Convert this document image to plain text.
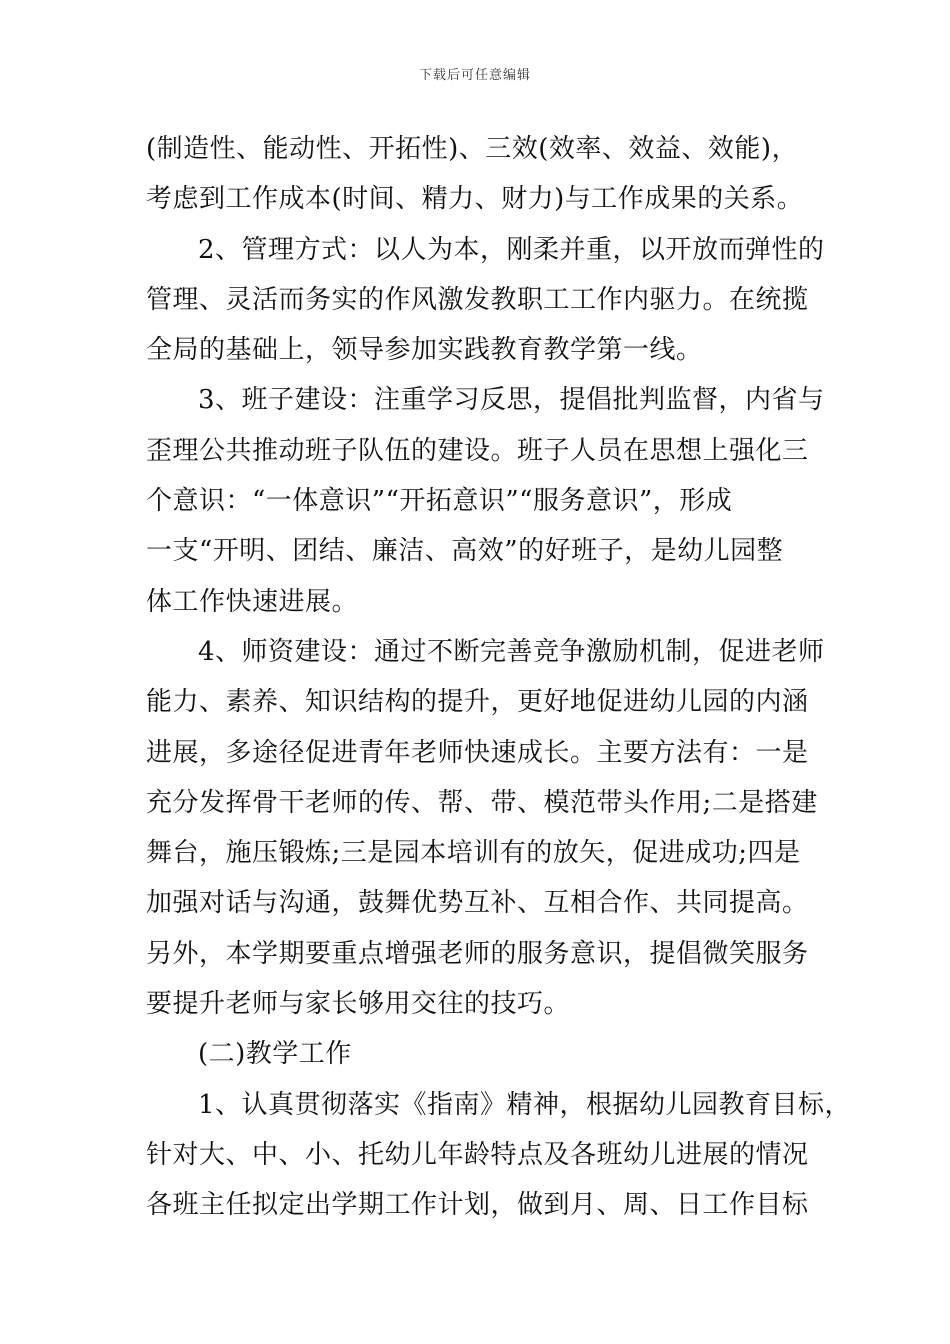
下载后可任意编辑
(制造性、能动性、开拓性)、三效(效率、效益、效能)，
考虑到工作成本(时间、精力、财力)与工作成果的关系。
2、管理方式：以人为本，刚柔并重，以开放而弹性的
管理、灵活而务实的作风激发教职工工作内驱力。在统揽
全局的基础上，领导参加实践教育教学第一线。
3、班子建设：注重学习反思，提倡批判监督，内省与
歪理公共推动班子队伍的建设。班子人员在思想上强化三
个意识：“一体意识”“开拓意识”“服务意识”，形成
一支“开明、团结、廉洁、高效”的好班子，是幼儿园整
体工作快速进展。
4、师资建设：通过不断完善竞争激励机制，促进老师
能力、素养、知识结构的提升，更好地促进幼儿园的内涵
进展，多途径促进青年老师快速成长。主要方法有：一是
充分发挥骨干老师的传、帮、带、模范带头作用;二是搭建
舞台，施压锻炼;三是园本培训有的放矢，促进成功;四是
加强对话与沟通，鼓舞优势互补、互相合作、共同提高。
另外，本学期要重点增强老师的服务意识，提倡微笑服务
要提升老师与家长够用交往的技巧。
(二)教学工作
1、认真贯彻落实《指南》精神，根据幼儿园教育目标，
针对大、中、小、托幼儿年龄特点及各班幼儿进展的情况
各班主任拟定出学期工作计划，做到月、周、日工作目标
